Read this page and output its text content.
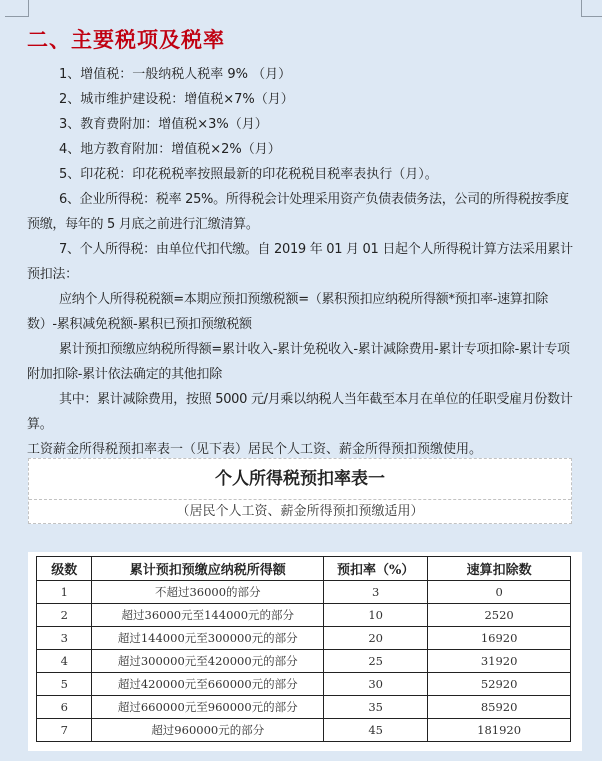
二、主要税项及税率

1、增值税：一般纳税人税率 9% （月）

2、城市维护建设税：增值税×7%（月）

3、教育费附加：增值税×3%（月）

4、地方教育附加：增值税×2%（月）

5、印花税：印花税税率按照最新的印花税税目税率表执行（月）。

6、企业所得税：税率 25%。所得税会计处理采用资产负债表债务法，公司的所得税按季度预缴，每年的 5 月底之前进行汇缴清算。

7、个人所得税：由单位代扣代缴。自 2019 年 01 月 01 日起个人所得税计算方法采用累计预扣法：

应纳个人所得税税额=本期应预扣预缴税额=（累积预扣应纳税所得额*预扣率-速算扣除数）-累积减免税额-累积已预扣预缴税额

累计预扣预缴应纳税所得额=累计收入-累计免税收入-累计减除费用-累计专项扣除-累计专项附加扣除-累计依法确定的其他扣除

其中：累计减除费用，按照 5000 元/月乘以纳税人当年截至本月在单位的任职受雇月份数计算。

工资薪金所得税预扣率表一（见下表）居民个人工资、薪金所得预扣预缴使用。

个人所得税预扣率表一
（居民个人工资、薪金所得预扣预缴适用）
级数	累计预扣预缴应纳税所得额	预扣率（%）	速算扣除数
1	不超过36000的部分	3	0
2	超过36000元至144000元的部分	10	2520
3	超过144000元至300000元的部分	20	16920
4	超过300000元至420000元的部分	25	31920
5	超过420000元至660000元的部分	30	52920
6	超过660000元至960000元的部分	35	85920
7	超过960000元的部分	45	181920
